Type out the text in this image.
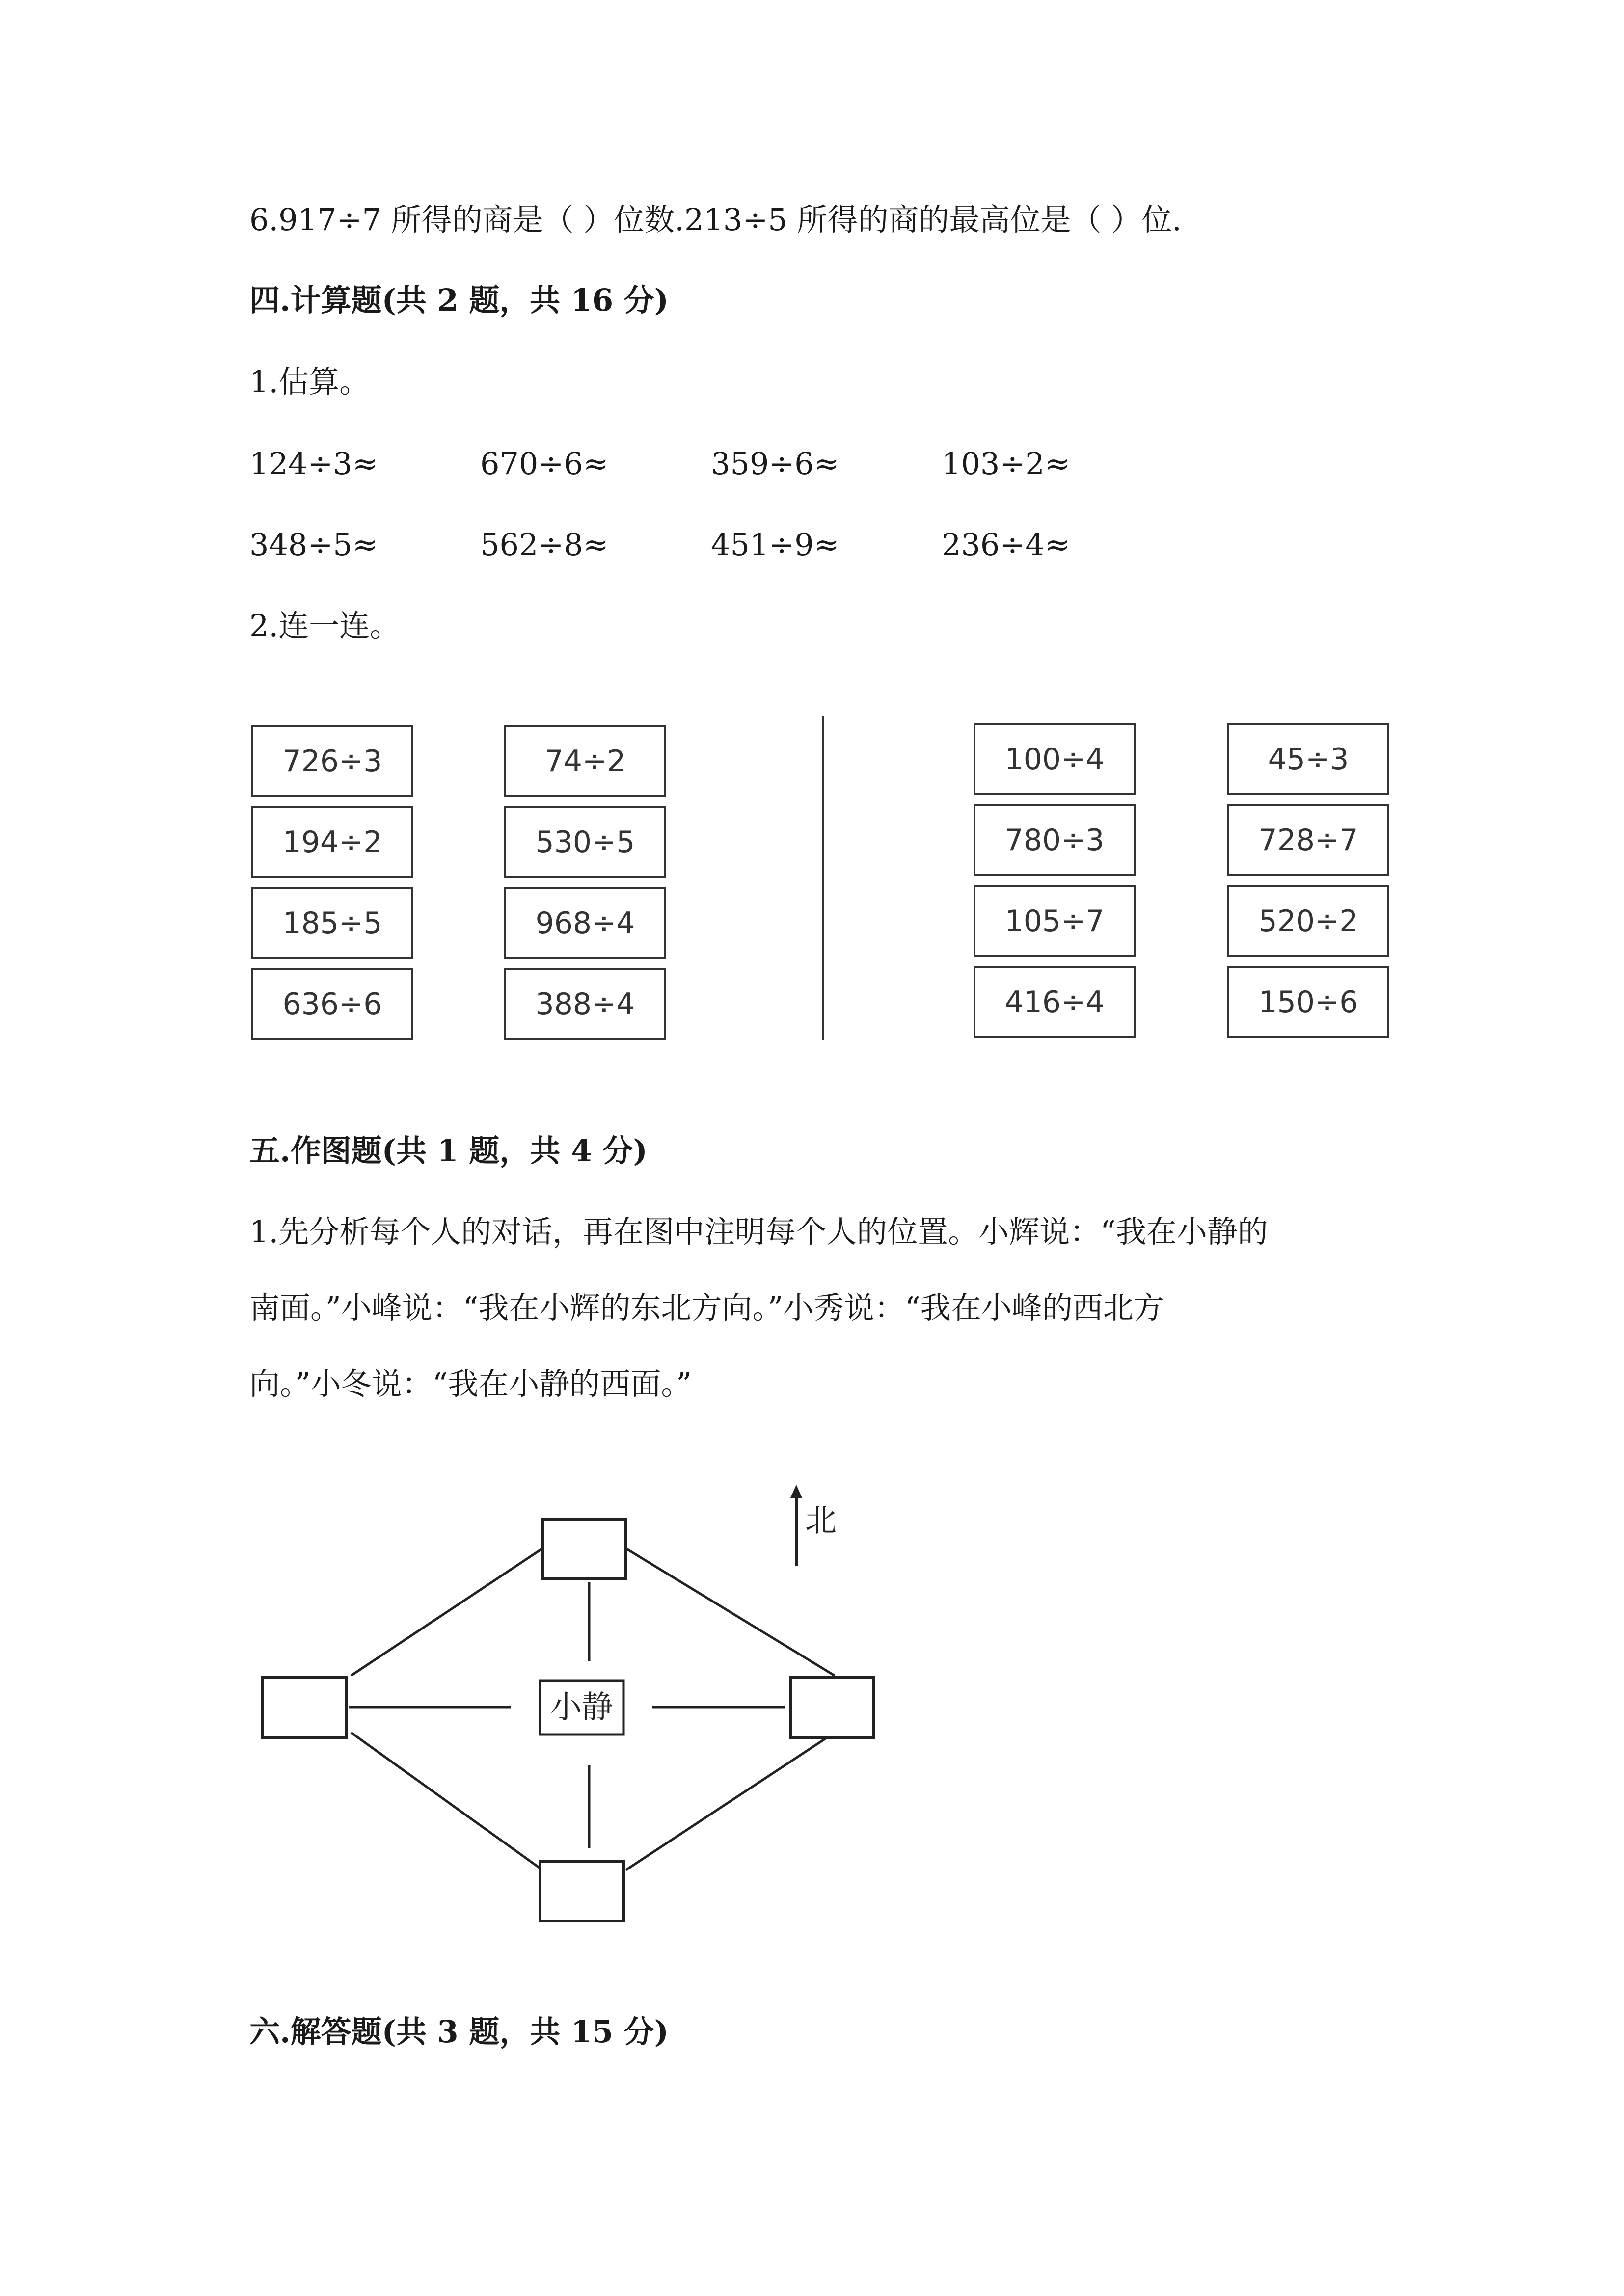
6.917÷7 所得的商是（ ）位数.213÷5 所得的商的最高位是（ ）位.
四.计算题(共 2 题，共 16 分)
1.估算。
124÷3≈	670÷6≈	359÷6≈	103÷2≈
348÷5≈	562÷8≈	451÷9≈	236÷4≈
2.连一连。
726÷3
194÷2
185÷5
636÷6
74÷2
530÷5
968÷4
388÷4
100÷4
780÷3
105÷7
416÷4
45÷3
728÷7
520÷2
150÷6
五.作图题(共 1 题，共 4 分)
1.先分析每个人的对话，再在图中注明每个人的位置。小辉说：“我在小静的
南面。”小峰说：“我在小辉的东北方向。”小秀说：“我在小峰的西北方
向。”小冬说：“我在小静的西面。”
小静
北
六.解答题(共 3 题，共 15 分)
